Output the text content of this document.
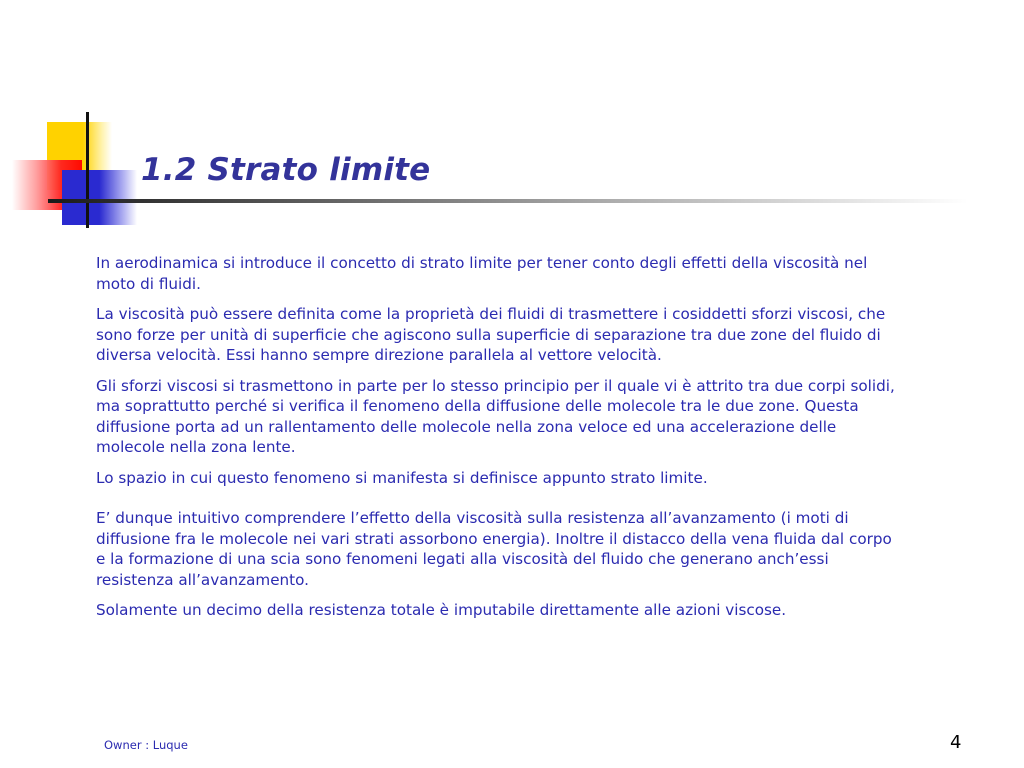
1.2 Strato limite

In aerodinamica si introduce il concetto di strato limite per tener conto degli effetti della viscosità nel moto di fluidi.

La viscosità può essere definita come la proprietà dei fluidi di trasmettere i cosiddetti sforzi viscosi, che sono forze per unità di superficie che agiscono sulla superficie di separazione tra due zone del fluido di diversa velocità. Essi hanno sempre direzione parallela al vettore velocità.

Gli sforzi viscosi si trasmettono in parte per lo stesso principio per il quale vi è attrito tra due corpi solidi, ma soprattutto perché si verifica il fenomeno della diffusione delle molecole tra le due zone. Questa diffusione porta ad un rallentamento delle molecole nella zona veloce ed una accelerazione delle molecole nella zona lente.

Lo spazio in cui questo fenomeno si manifesta si definisce appunto strato limite.

E’ dunque intuitivo comprendere l’effetto della viscosità sulla resistenza all’avanzamento (i moti di diffusione fra le molecole nei vari strati assorbono energia). Inoltre il distacco della vena fluida dal corpo e la formazione di una scia sono fenomeni legati alla viscosità del fluido che generano anch’essi resistenza all’avanzamento.

Solamente un decimo della resistenza totale è imputabile direttamente alle azioni viscose.

Owner : Luque	4
